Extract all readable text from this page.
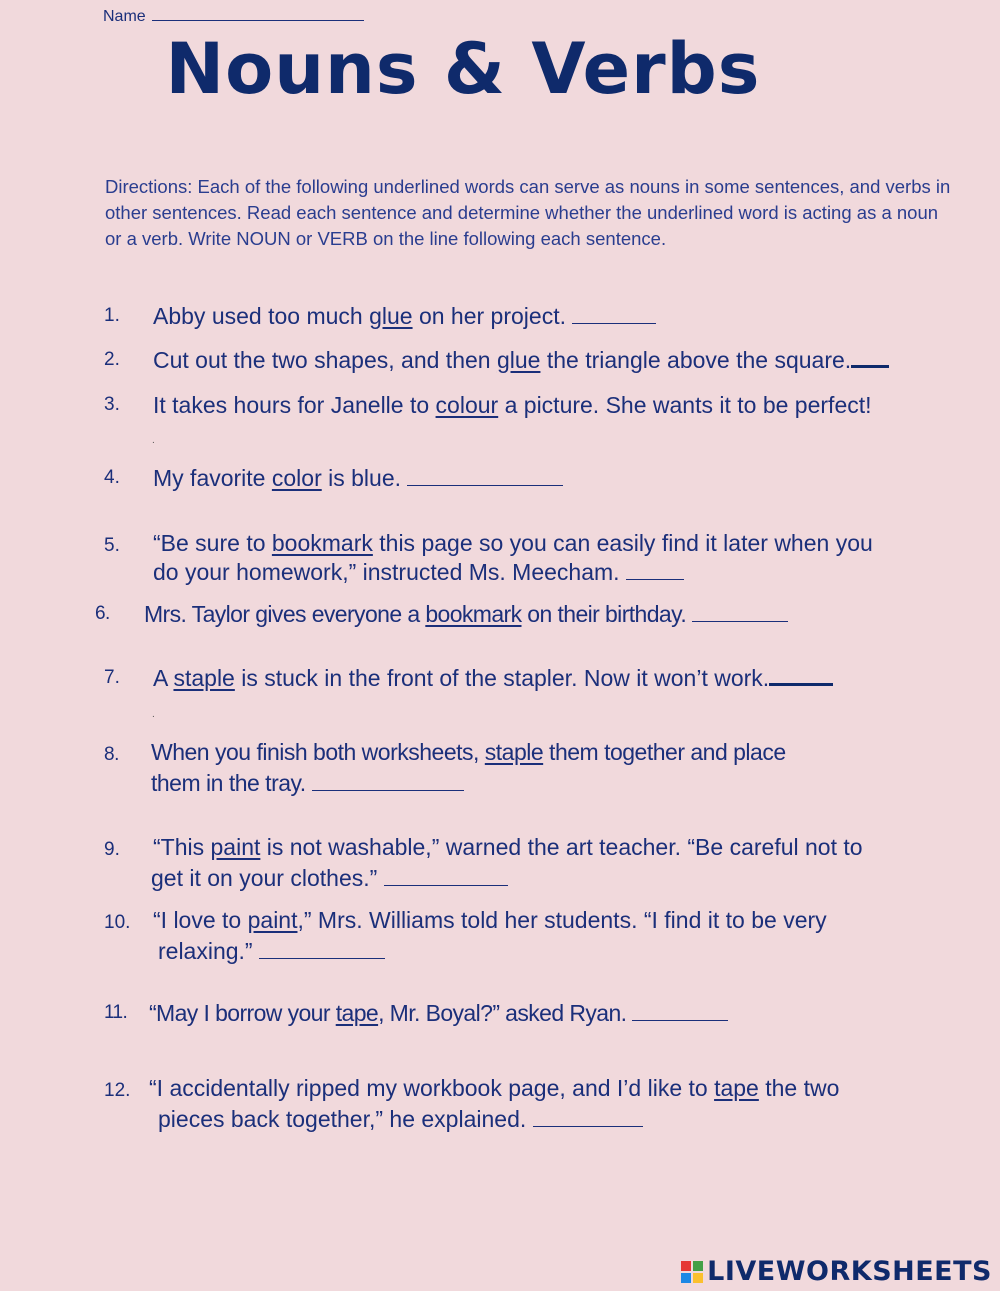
Name
Nouns & Verbs
Directions: Each of the following underlined words can serve as nouns in some sentences, and verbs in other sentences. Read each sentence and determine whether the underlined word is acting as a noun or a verb. Write NOUN or VERB on the line following each sentence.
1. Abby used too much glue on her project.
2. Cut out the two shapes, and then glue the triangle above the square.
3. It takes hours for Janelle to colour a picture. She wants it to be perfect!
.
4. My favorite color is blue.
5. “Be sure to bookmark this page so you can easily find it later when you
do your homework,” instructed Ms. Meecham.
6. Mrs. Taylor gives everyone a bookmark on their birthday.
7. A staple is stuck in the front of the stapler. Now it won’t work.
.
8. When you finish both worksheets, staple them together and place
them in the tray.
9. “This paint is not washable,” warned the art teacher. “Be careful not to
get it on your clothes.”
10. “I love to paint,” Mrs. Williams told her students. “I find it to be very
relaxing.”
11. “May I borrow your tape, Mr. Boyal?” asked Ryan.
12. “I accidentally ripped my workbook page, and I’d like to tape the two
pieces back together,” he explained.
LIVEWORKSHEETS
